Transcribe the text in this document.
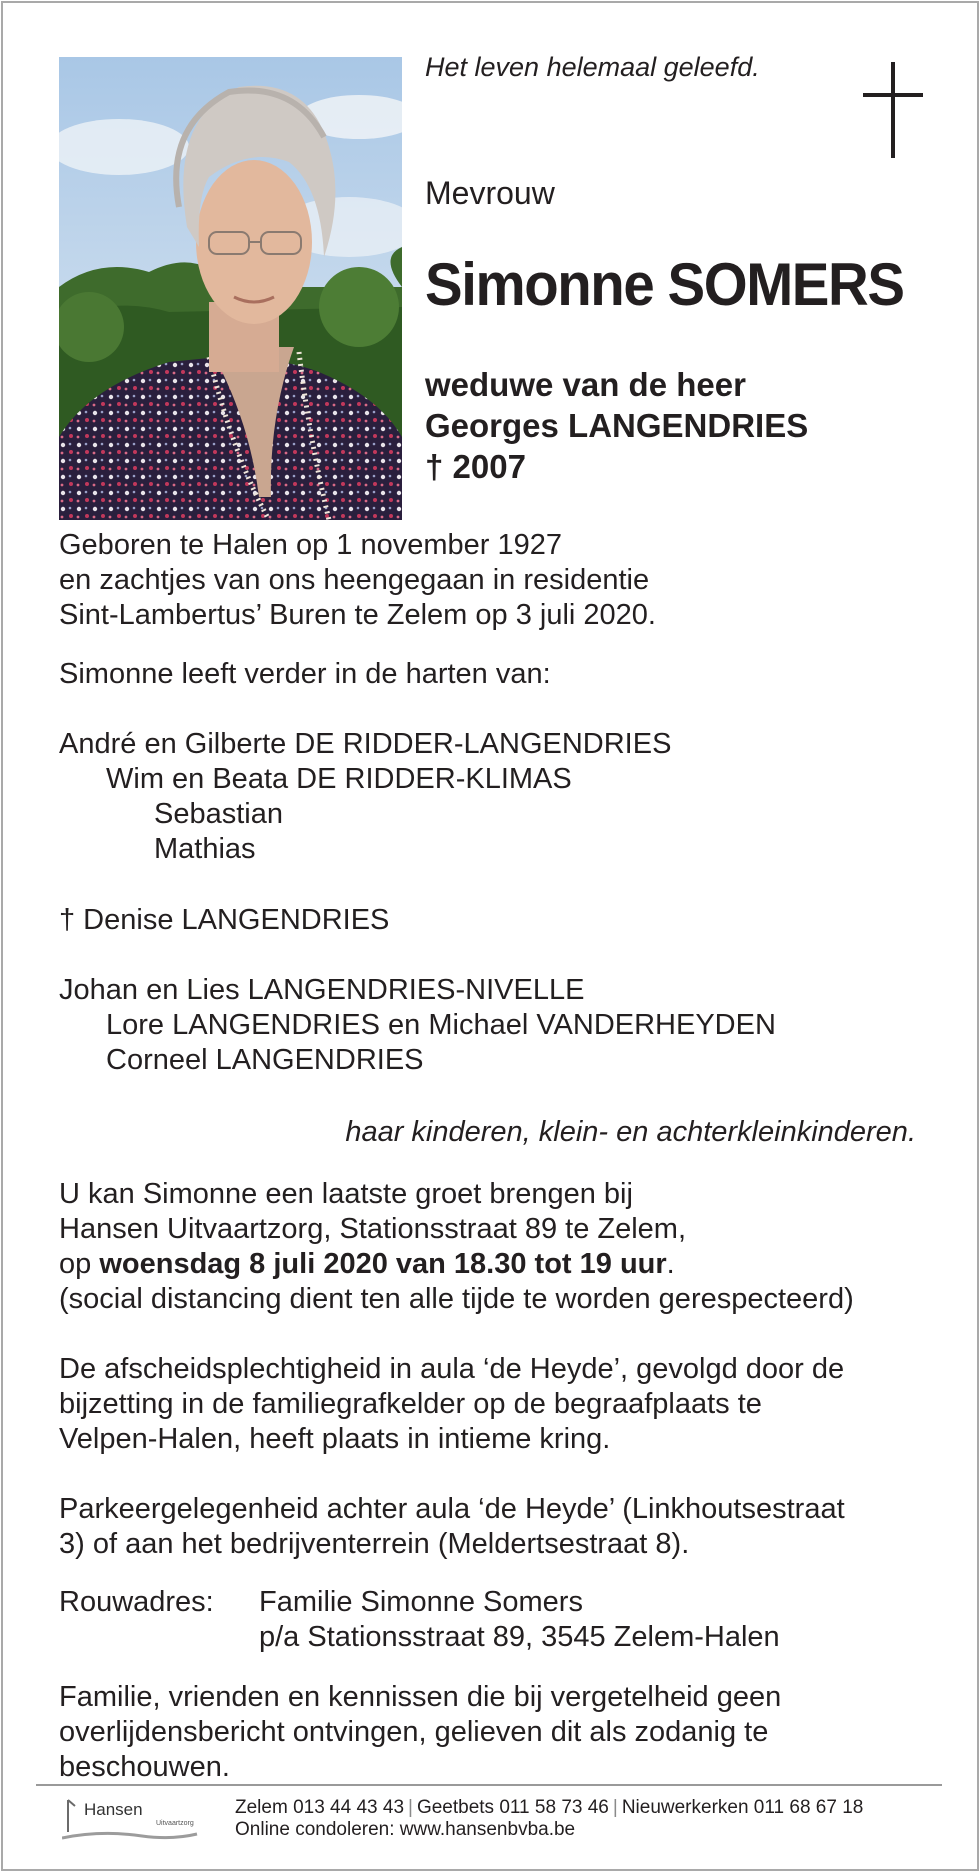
Het leven helemaal geleefd.
Mevrouw
Simonne SOMERS
weduwe van de heer
Georges LANGENDRIES
† 2007
Geboren te Halen op 1 november 1927
en zachtjes van ons heengegaan in residentie
Sint-Lambertus’ Buren te Zelem op 3 juli 2020.
Simonne leeft verder in de harten van:
André en Gilberte DE RIDDER-LANGENDRIES
Wim en Beata DE RIDDER-KLIMAS
Sebastian
Mathias
† Denise LANGENDRIES
Johan en Lies LANGENDRIES-NIVELLE
Lore LANGENDRIES en Michael VANDERHEYDEN
Corneel LANGENDRIES
haar kinderen, klein- en achterkleinkinderen.
U kan Simonne een laatste groet brengen bij
Hansen Uitvaartzorg, Stationsstraat 89 te Zelem,
op woensdag 8 juli 2020 van 18.30 tot 19 uur.
(social distancing dient ten alle tijde te worden gerespecteerd)
De afscheidsplechtigheid in aula ‘de Heyde’, gevolgd door de
bijzetting in de familiegrafkelder op de begraafplaats te
Velpen-Halen, heeft plaats in intieme kring.
Parkeergelegenheid achter aula ‘de Heyde’ (Linkhoutsestraat
3) of aan het bedrijventerrein (Meldertsestraat 8).
Rouwadres: Familie Simonne Somers
p/a Stationsstraat 89, 3545 Zelem-Halen
Familie, vrienden en kennissen die bij vergetelheid geen
overlijdensbericht ontvingen, gelieven dit als zodanig te
beschouwen.
Hansen
Uitvaartzorg
Zelem 013 44 43 43 | Geetbets 011 58 73 46 | Nieuwerkerken 011 68 67 18
Online condoleren: www.hansenbvba.be
